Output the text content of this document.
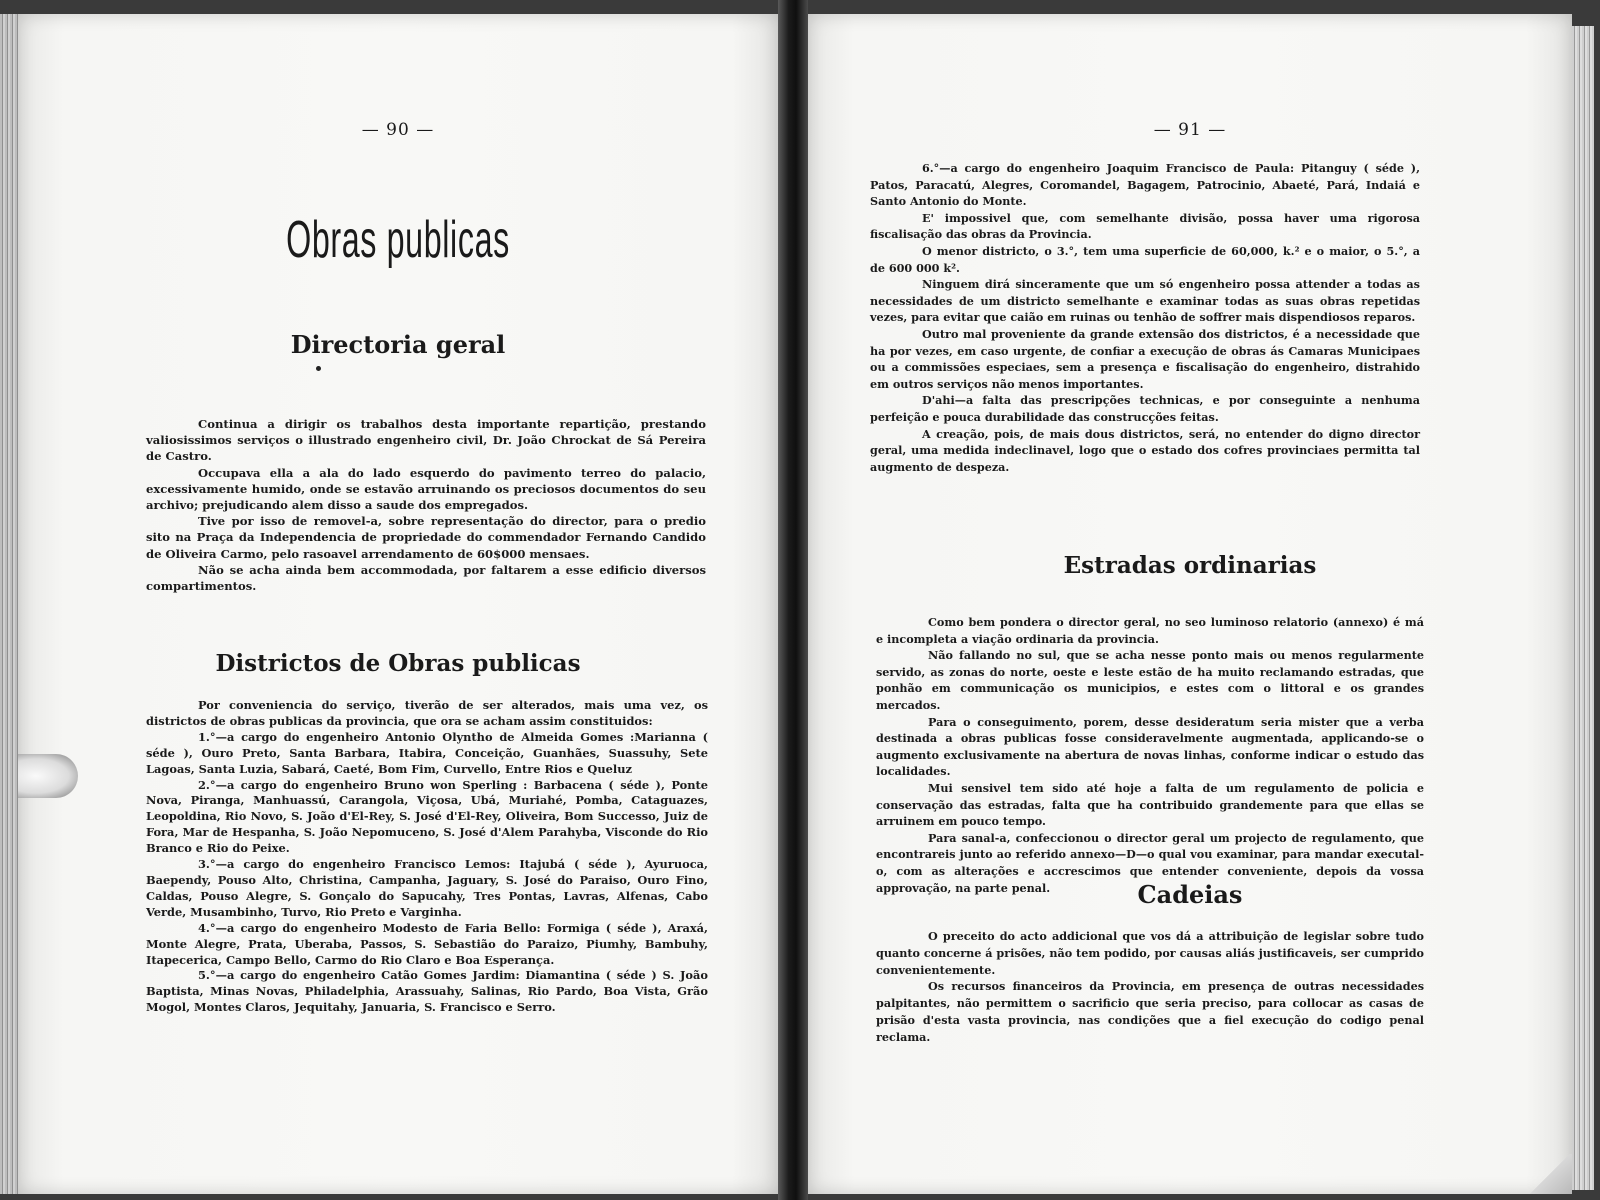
— 90 —
Obras publicas
Directoria geral

Continua a dirigir os trabalhos desta importante repartição, prestando valiosissimos serviços o illustrado engenheiro civil, Dr. João Chrockat de Sá Pereira de Castro.

Occupava ella a ala do lado esquerdo do pavimento terreo do palacio, excessivamente humido, onde se estavão arruinando os preciosos documentos do seu archivo; prejudicando alem disso a saude dos empregados.

Tive por isso de removel-a, sobre representação do director, para o predio sito na Praça da Independencia de propriedade do commendador Fernando Candido de Oliveira Carmo, pelo rasoavel arrendamento de 60$000 mensaes.

Não se acha ainda bem accommodada, por faltarem a esse edificio diversos compartimentos.

Districtos de Obras publicas

Por conveniencia do serviço, tiverão de ser alterados, mais uma vez, os districtos de obras publicas da provincia, que ora se acham assim constituidos:

1.°—a cargo do engenheiro Antonio Olyntho de Almeida Gomes :Marianna ( séde ), Ouro Preto, Santa Barbara, Itabira, Conceição, Guanhães, Suassuhy, Sete Lagoas, Santa Luzia, Sabará, Caeté, Bom Fim, Curvello, Entre Rios e Queluz

2.°—a cargo do engenheiro Bruno won Sperling : Barbacena ( séde ), Ponte Nova, Piranga, Manhuassú, Carangola, Viçosa, Ubá, Muriahé, Pomba, Cataguazes, Leopoldina, Rio Novo, S. João d'El-Rey, S. José d'El-Rey, Oliveira, Bom Successo, Juiz de Fora, Mar de Hespanha, S. João Nepomuceno, S. José d'Alem Parahyba, Visconde do Rio Branco e Rio do Peixe.

3.°—a cargo do engenheiro Francisco Lemos: Itajubá ( séde ), Ayuruoca, Baependy, Pouso Alto, Christina, Campanha, Jaguary, S. José do Paraiso, Ouro Fino, Caldas, Pouso Alegre, S. Gonçalo do Sapucahy, Tres Pontas, Lavras, Alfenas, Cabo Verde, Musambinho, Turvo, Rio Preto e Varginha.

4.°—a cargo do engenheiro Modesto de Faria Bello: Formiga ( séde ), Araxá, Monte Alegre, Prata, Uberaba, Passos, S. Sebastião do Paraizo, Piumhy, Bambuhy, Itapecerica, Campo Bello, Carmo do Rio Claro e Boa Esperança.

5.°—a cargo do engenheiro Catão Gomes Jardim: Diamantina ( séde ) S. João Baptista, Minas Novas, Philadelphia, Arassuahy, Salinas, Rio Pardo, Boa Vista, Grão Mogol, Montes Claros, Jequitahy, Januaria, S. Francisco e Serro.

— 91 —

6.°—a cargo do engenheiro Joaquim Francisco de Paula: Pitanguy ( séde ), Patos, Paracatú, Alegres, Coromandel, Bagagem, Patrocinio, Abaeté, Pará, Indaiá e Santo Antonio do Monte.

E' impossivel que, com semelhante divisão, possa haver uma rigorosa fiscalisação das obras da Provincia.

O menor districto, o 3.°, tem uma superficie de 60,000, k.² e o maior, o 5.°, a de 600 000 k².

Ninguem dirá sinceramente que um só engenheiro possa attender a todas as necessidades de um districto semelhante e examinar todas as suas obras repetidas vezes, para evitar que caião em ruinas ou tenhão de soffrer mais dispendiosos reparos.

Outro mal proveniente da grande extensão dos districtos, é a necessidade que ha por vezes, em caso urgente, de confiar a execução de obras ás Camaras Municipaes ou a commissões especiaes, sem a presença e fiscalisação do engenheiro, distrahido em outros serviços não menos importantes.

D'ahi—a falta das prescripções technicas, e por conseguinte a nenhuma perfeição e pouca durabilidade das construcções feitas.

A creação, pois, de mais dous districtos, será, no entender do digno director geral, uma medida indeclinavel, logo que o estado dos cofres provinciaes permitta tal augmento de despeza.

Estradas ordinarias

Como bem pondera o director geral, no seo luminoso relatorio (annexo) é má e incompleta a viação ordinaria da provincia.

Não fallando no sul, que se acha nesse ponto mais ou menos regularmente servido, as zonas do norte, oeste e leste estão de ha muito reclamando estradas, que ponhão em communicação os municipios, e estes com o littoral e os grandes mercados.

Para o conseguimento, porem, desse desideratum seria mister que a verba destinada a obras publicas fosse consideravelmente augmentada, applicando-se o augmento exclusivamente na abertura de novas linhas, conforme indicar o estudo das localidades.

Mui sensivel tem sido até hoje a falta de um regulamento de policia e conservação das estradas, falta que ha contribuido grandemente para que ellas se arruinem em pouco tempo.

Para sanal-a, confeccionou o director geral um projecto de regulamento, que encontrareis junto ao referido annexo—D—o qual vou examinar, para mandar executal-o, com as alterações e accrescimos que entender conveniente, depois da vossa approvação, na parte penal.	Cadeias

O preceito do acto addicional que vos dá a attribuição de legislar sobre tudo quanto concerne á prisões, não tem podido, por causas aliás justificaveis, ser cumprido convenientemente.

Os recursos financeiros da Provincia, em presença de outras necessidades palpitantes, não permittem o sacrificio que seria preciso, para collocar as casas de prisão d'esta vasta provincia, nas condições que a fiel execução do codigo penal reclama.
